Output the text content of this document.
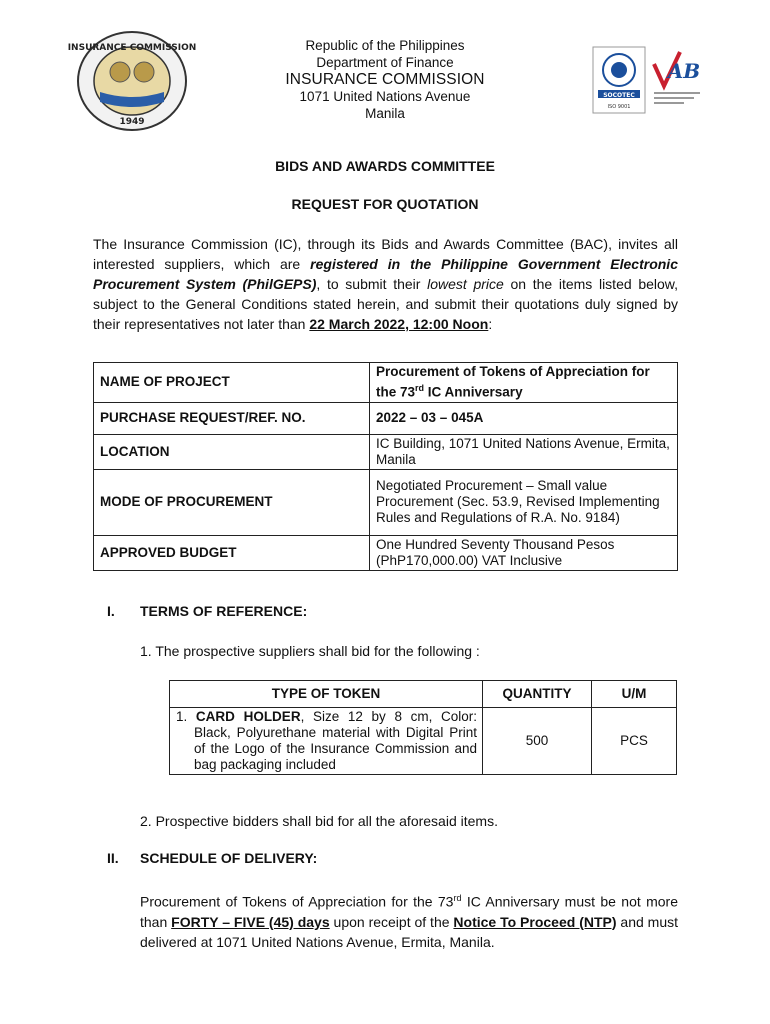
INSURANCE COMMISSION
1949
Republic of the Philippines
Department of Finance
INSURANCE COMMISSION
1071 United Nations Avenue
Manila
SOCOTEC
ISO 9001
AB
BIDS AND AWARDS COMMITTEE
REQUEST FOR QUOTATION
The Insurance Commission (IC), through its Bids and Awards Committee (BAC), invites all interested suppliers, which are registered in the Philippine Government Electronic Procurement System (PhilGEPS), to submit their lowest price on the items listed below, subject to the General Conditions stated herein, and submit their quotations duly signed by their representatives not later than 22 March 2022, 12:00 Noon:
NAME OF PROJECT	Procurement of Tokens of Appreciation for the 73rd IC Anniversary
PURCHASE REQUEST/REF. NO.	2022 – 03 – 045A
LOCATION	IC Building, 1071 United Nations Avenue, Ermita, Manila
MODE OF PROCUREMENT	Negotiated Procurement – Small value Procurement (Sec. 53.9, Revised Implementing Rules and Regulations of R.A. No. 9184)
APPROVED BUDGET	One Hundred Seventy Thousand Pesos (PhP170,000.00) VAT Inclusive
I. TERMS OF REFERENCE:
1. The prospective suppliers shall bid for the following :
TYPE OF TOKEN	QUANTITY	U/M
1. CARD HOLDER, Size 12 by 8 cm, Color: Black, Polyurethane material with Digital Print of the Logo of the Insurance Commission and bag packaging included	500	PCS
2. Prospective bidders shall bid for all the aforesaid items.
II. SCHEDULE OF DELIVERY:
Procurement of Tokens of Appreciation for the 73rd IC Anniversary must be not more than FORTY – FIVE (45) days upon receipt of the Notice To Proceed (NTP) and must delivered at 1071 United Nations Avenue, Ermita, Manila.
